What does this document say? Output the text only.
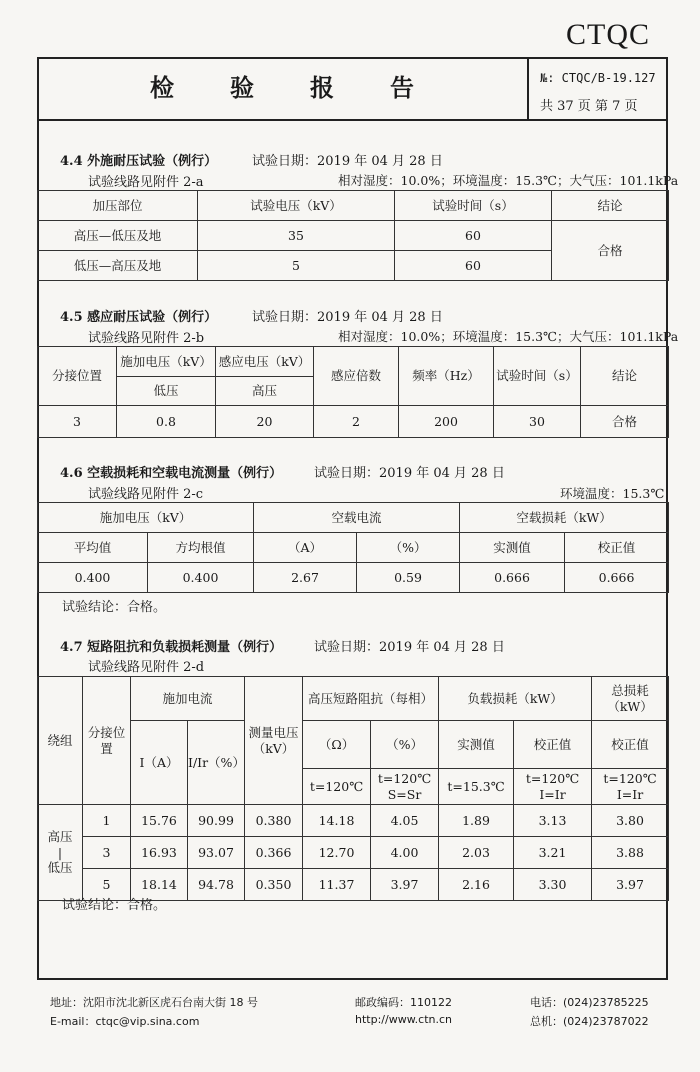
CTQC
检验报告	№: CTQC/B-19.127
共 37 页 第 7 页
4.4 外施耐压试验（例行）	试验日期：2019 年 04 月 28 日
试验线路见附件 2-a	相对湿度：10.0%；环境温度：15.3℃；大气压：101.1kPa
加压部位	试验电压（kV）	试验时间（s）	结论
高压—低压及地	35	60	合格
低压—高压及地	5	60	
4.5 感应耐压试验（例行）	试验日期：2019 年 04 月 28 日
试验线路见附件 2-b	相对湿度：10.0%；环境温度：15.3℃；大气压：101.1kPa
分接位置	施加电压（kV）	感应电压（kV）	感应倍数	频率（Hz）	试验时间（s）	结论
	低压	高压				
3	0.8	20	2	200	30	合格
4.6 空载损耗和空载电流测量（例行） 试验日期：2019 年 04 月 28 日
试验线路见附件 2-c	环境温度：15.3℃
施加电压（kV）		空载电流		空载损耗（kW）	
平均值	方均根值	（A）	（%）	实测值	校正值
0.400	0.400	2.67	0.59	0.666	0.666
试验结论：合格。
4.7 短路阻抗和负载损耗测量（例行） 试验日期：2019 年 04 月 28 日
试验线路见附件 2-d
绕组	分接位置	施加电流		测量电压（kV）	高压短路阻抗（每相）		负载损耗（kW）		总损耗（kW）
		I（A）	I/Ir（%）		（Ω）	（%）	实测值	校正值	校正值
					t=120℃	t=120℃ S=Sr	t=15.3℃	t=120℃ I=Ir	t=120℃ I=Ir
高压
|
低压	1	15.76	90.99	0.380	14.18	4.05	1.89	3.13	3.80
	3	16.93	93.07	0.366	12.70	4.00	2.03	3.21	3.88
	5	18.14	94.78	0.350	11.37	3.97	2.16	3.30	3.97
试验结论：合格。
地址：沈阳市沈北新区虎石台南大街 18 号
E-mail：ctqc@vip.sina.com
邮政编码：110122
http://www.ctn.cn
电话：(024)23785225
总机：(024)23787022
